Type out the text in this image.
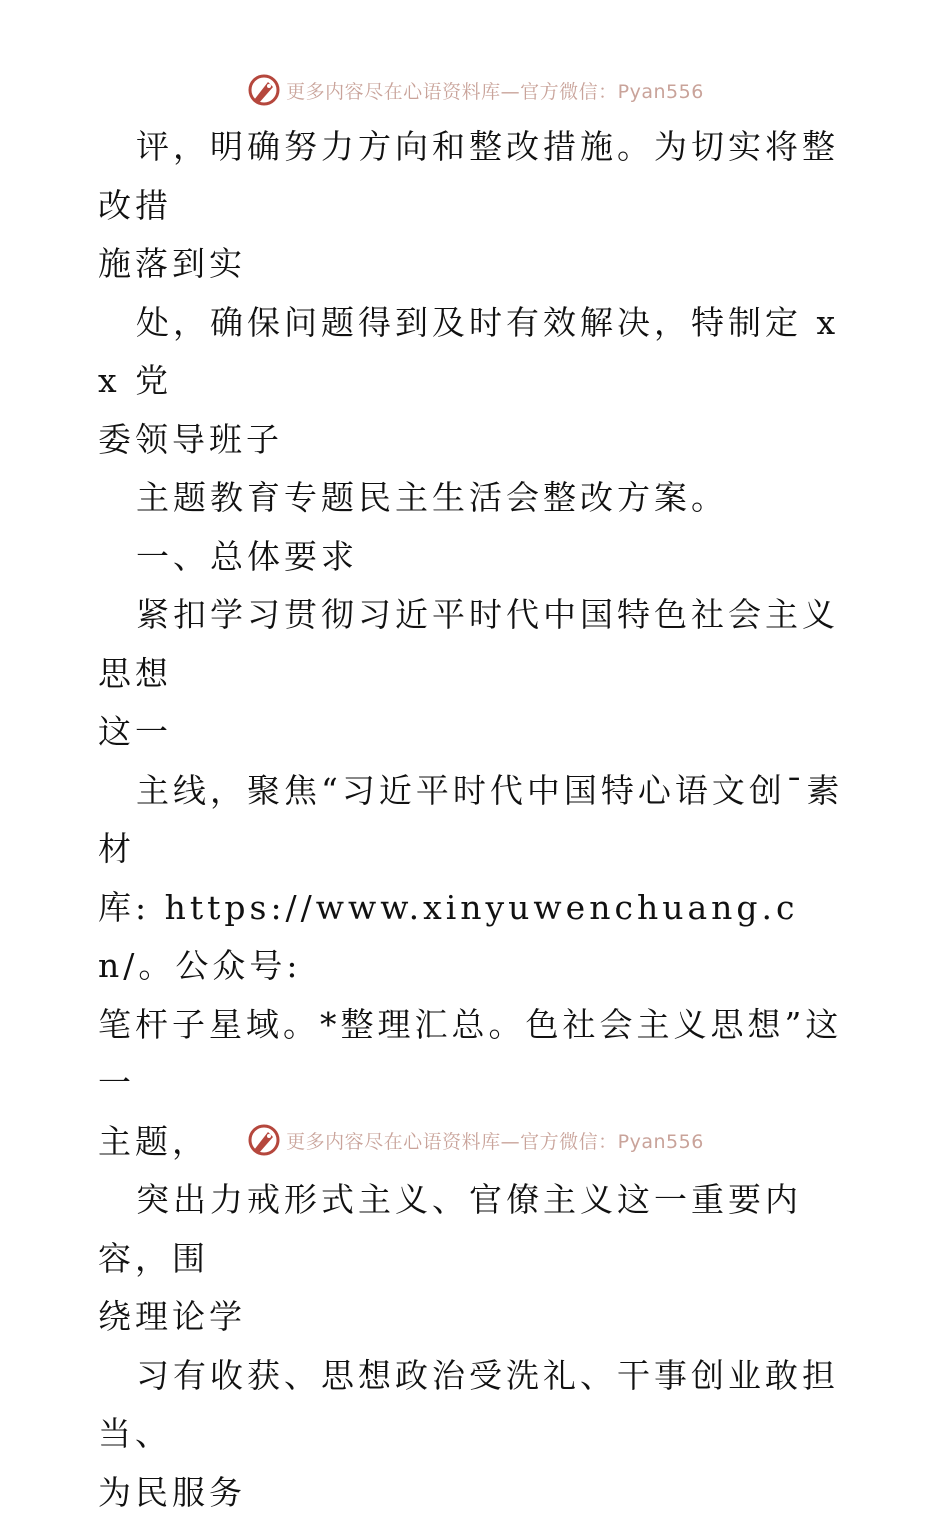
更多内容尽在心语资料库—官方微信：Pyan556

评，明确努力方向和整改措施。为切实将整改措
施落到实

处，确保问题得到及时有效解决，特制定 xx 党
委领导班子

主题教育专题民主生活会整改方案。

一、总体要求

紧扣学习贯彻习近平时代中国特色社会主义思想
这一

主线，聚焦“习近平时代中国特心语文创¯素材
库: https://www.xinyuwenchuang.cn/。公众号:
笔杆子星域。*整理汇总。色社会主义思想”这一
主题，

突出力戒形式主义、官僚主义这一重要内容，围
绕理论学

习有收获、思想政治受洗礼、干事创业敢担当、
为民服务

更多内容尽在心语资料库—官方微信：Pyan556
